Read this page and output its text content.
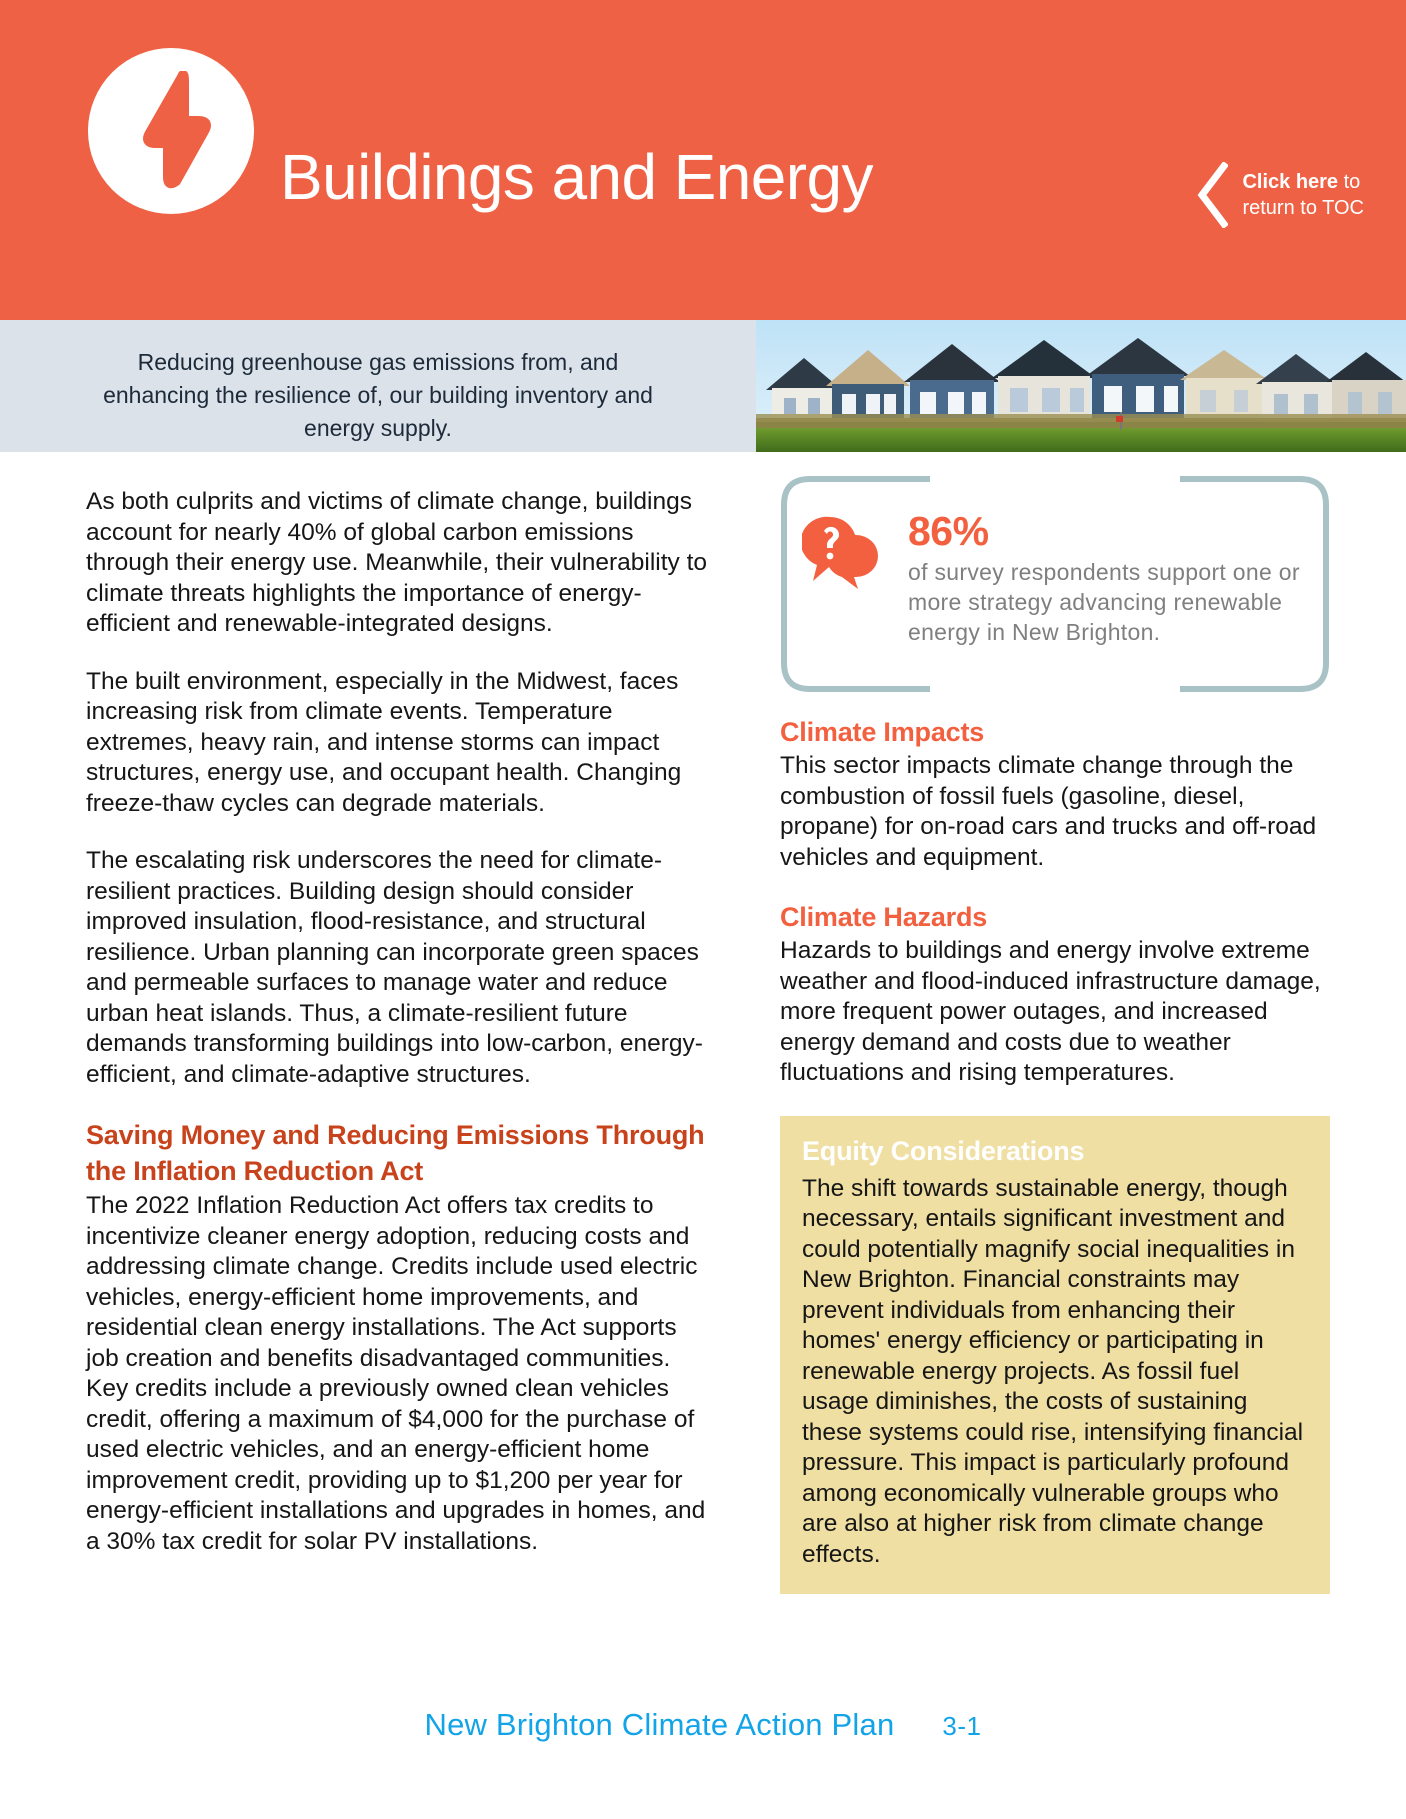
Buildings and Energy	Click here to
return to TOC
Reducing greenhouse gas emissions from, and enhancing the resilience of, our building inventory and energy supply.

As both culprits and victims of climate change, buildings account for nearly 40% of global carbon emissions through their energy use. Meanwhile, their vulnerability to climate threats highlights the importance of energy-efficient and renewable-integrated designs.

The built environment, especially in the Midwest, faces increasing risk from climate events. Temperature extremes, heavy rain, and intense storms can impact structures, energy use, and occupant health. Changing freeze-thaw cycles can degrade materials.

The escalating risk underscores the need for climate-resilient practices. Building design should consider improved insulation, flood-resistance, and structural resilience. Urban planning can incorporate green spaces and permeable surfaces to manage water and reduce urban heat islands. Thus, a climate-resilient future demands transforming buildings into low-carbon, energy-efficient, and climate-adaptive structures.

Saving Money and Reducing Emissions Through the Inflation Reduction Act

The 2022 Inflation Reduction Act offers tax credits to incentivize cleaner energy adoption, reducing costs and addressing climate change. Credits include used electric vehicles, energy-efficient home improvements, and residential clean energy installations. The Act supports job creation and benefits disadvantaged communities. Key credits include a previously owned clean vehicles credit, offering a maximum of $4,000 for the purchase of used electric vehicles, and an energy-efficient home improvement credit, providing up to $1,200 per year for energy-efficient installations and upgrades in homes, and a 30% tax credit for solar PV installations.

86%
of survey respondents support one or more strategy advancing renewable energy in New Brighton.
Climate Impacts

This sector impacts climate change through the combustion of fossil fuels (gasoline, diesel, propane) for on-road cars and trucks and off-road vehicles and equipment.

Climate Hazards

Hazards to buildings and energy involve extreme weather and flood-induced infrastructure damage, more frequent power outages, and increased energy demand and costs due to weather fluctuations and rising temperatures.

Equity Considerations
The shift towards sustainable energy, though necessary, entails significant investment and could potentially magnify social inequalities in New Brighton. Financial constraints may prevent individuals from enhancing their homes' energy efficiency or participating in renewable energy projects. As fossil fuel usage diminishes, the costs of sustaining these systems could rise, intensifying financial pressure. This impact is particularly profound among economically vulnerable groups who are also at higher risk from climate change effects.
New Brighton Climate Action Plan 3-1
